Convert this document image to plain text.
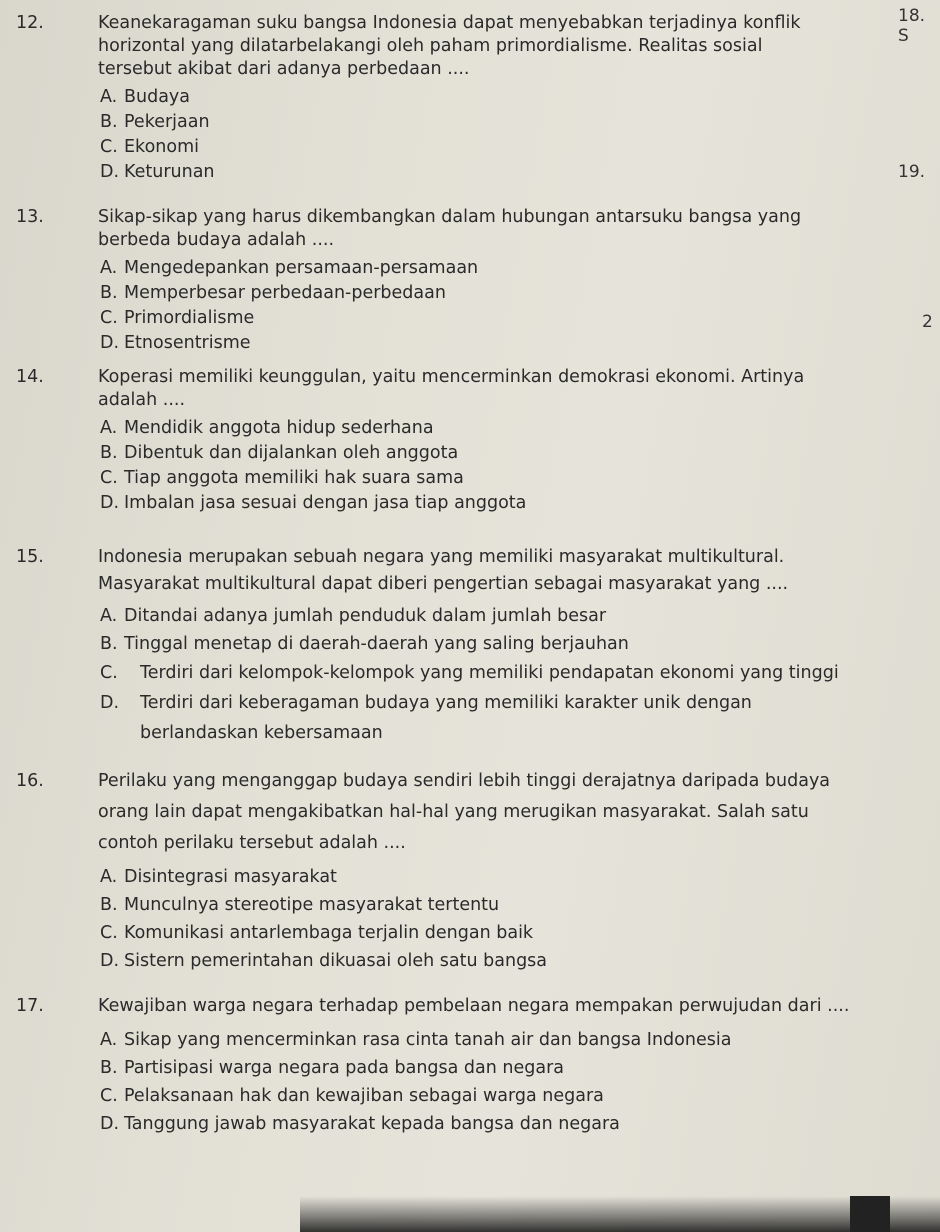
18. S
19.
2

12.	Keanekaragaman suku bangsa Indonesia dapat menyebabkan terjadinya konflik horizontal yang dilatarbelakangi oleh paham primordialisme. Realitas sosial tersebut akibat dari adanya perbedaan ....

A. Budaya
B. Pekerjaan
C. Ekonomi
D. Keturunan

13.	Sikap-sikap yang harus dikembangkan dalam hubungan antarsuku bangsa yang berbeda budaya adalah ....

A. Mengedepankan persamaan-persamaan
B. Memperbesar perbedaan-perbedaan
C. Primordialisme
D. Etnosentrisme

14.	Koperasi memiliki keunggulan, yaitu mencerminkan demokrasi ekonomi. Artinya adalah ....

A. Mendidik anggota hidup sederhana
B. Dibentuk dan dijalankan oleh anggota
C. Tiap anggota memiliki hak suara sama
D. Imbalan jasa sesuai dengan jasa tiap anggota

15.	Indonesia merupakan sebuah negara yang memiliki masyarakat multikultural. Masyarakat multikultural dapat diberi pengertian sebagai masyarakat yang ....

A. Ditandai adanya jumlah penduduk dalam jumlah besar
B. Tinggal menetap di daerah-daerah yang saling berjauhan
C. Terdiri dari kelompok-kelompok yang memiliki pendapatan ekonomi yang tinggi
D. Terdiri dari keberagaman budaya yang memiliki karakter unik dengan berlandaskan kebersamaan

16.	Perilaku yang menganggap budaya sendiri lebih tinggi derajatnya daripada budaya orang lain dapat mengakibatkan hal-hal yang merugikan masyarakat. Salah satu contoh perilaku tersebut adalah ....

A. Disintegrasi masyarakat
B. Munculnya stereotipe masyarakat tertentu
C. Komunikasi antarlembaga terjalin dengan baik
D. Sistern pemerintahan dikuasai oleh satu bangsa

17.	Kewajiban warga negara terhadap pembelaan negara mempakan perwujudan dari ....

A. Sikap yang mencerminkan rasa cinta tanah air dan bangsa Indonesia
B. Partisipasi warga negara pada bangsa dan negara
C. Pelaksanaan hak dan kewajiban sebagai warga negara
D. Tanggung jawab masyarakat kepada bangsa dan negara
